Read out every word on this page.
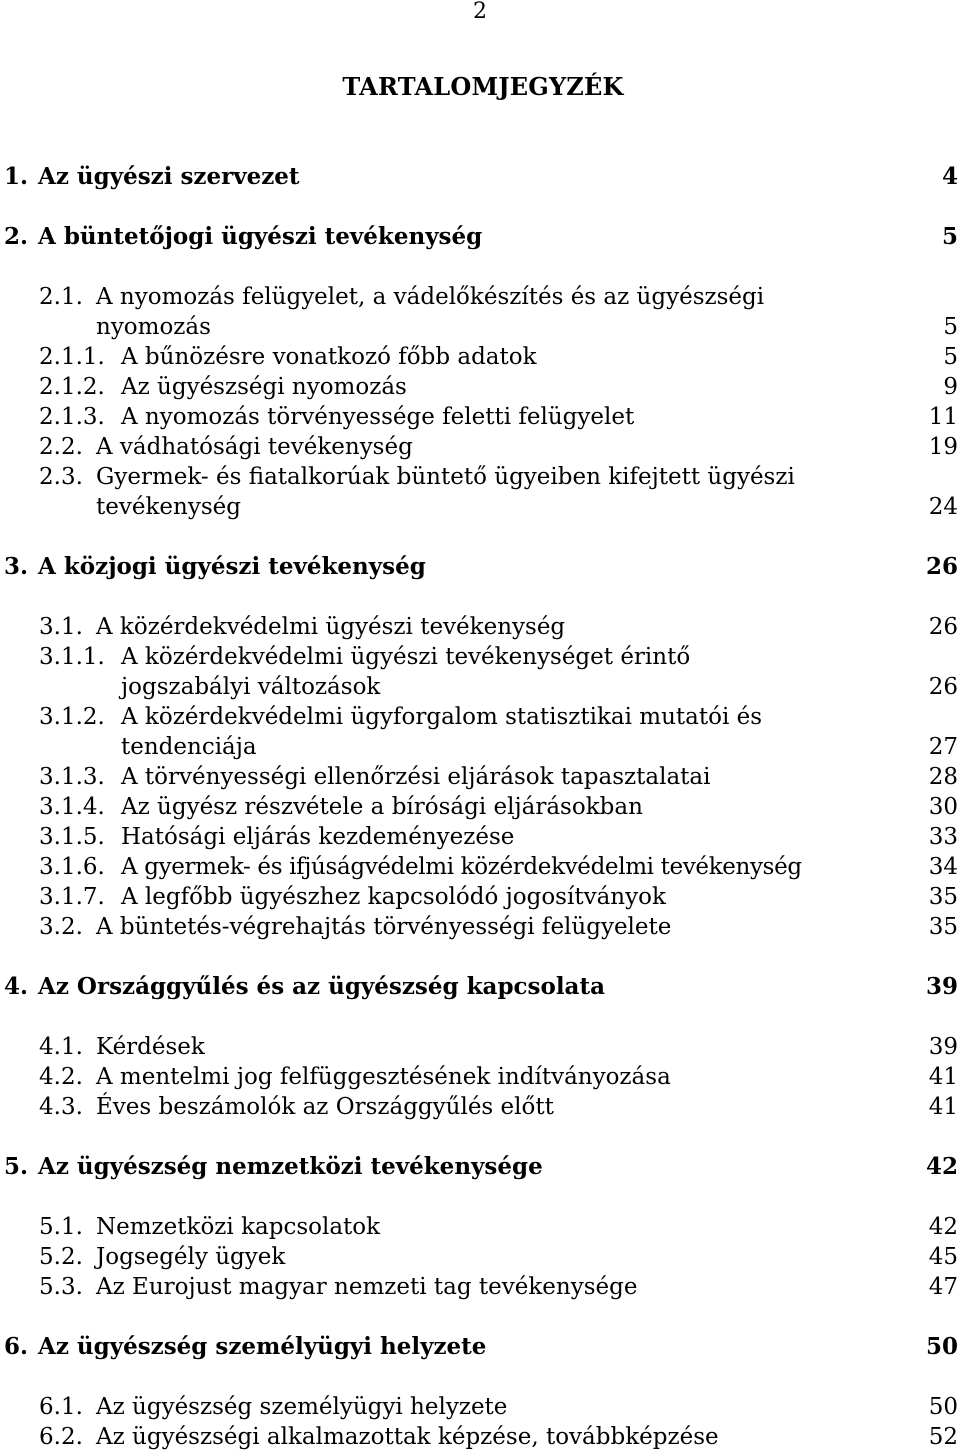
2
TARTALOMJEGYZÉK
1. Az ügyészi szervezet	4
2. A büntetőjogi ügyészi tevékenység	5
2.1. A nyomozás felügyelet, a vádelőkészítés és az ügyészségi
nyomozás	5
2.1.1. A bűnözésre vonatkozó főbb adatok	5
2.1.2. Az ügyészségi nyomozás	9
2.1.3. A nyomozás törvényessége feletti felügyelet	11
2.2. A vádhatósági tevékenység	19
2.3. Gyermek- és fiatalkorúak büntető ügyeiben kifejtett ügyészi
tevékenység	24
3. A közjogi ügyészi tevékenység	26
3.1. A közérdekvédelmi ügyészi tevékenység	26
3.1.1. A közérdekvédelmi ügyészi tevékenységet érintő
jogszabályi változások	26
3.1.2. A közérdekvédelmi ügyforgalom statisztikai mutatói és
tendenciája	27
3.1.3. A törvényességi ellenőrzési eljárások tapasztalatai	28
3.1.4. Az ügyész részvétele a bírósági eljárásokban	30
3.1.5. Hatósági eljárás kezdeményezése	33
3.1.6. A gyermek- és ifjúságvédelmi közérdekvédelmi tevékenység	34
3.1.7. A legfőbb ügyészhez kapcsolódó jogosítványok	35
3.2. A büntetés-végrehajtás törvényességi felügyelete	35
4. Az Országgyűlés és az ügyészség kapcsolata	39
4.1. Kérdések	39
4.2. A mentelmi jog felfüggesztésének indítványozása	41
4.3. Éves beszámolók az Országgyűlés előtt	41
5. Az ügyészség nemzetközi tevékenysége	42
5.1. Nemzetközi kapcsolatok	42
5.2. Jogsegély ügyek	45
5.3. Az Eurojust magyar nemzeti tag tevékenysége	47
6. Az ügyészség személyügyi helyzete	50
6.1. Az ügyészség személyügyi helyzete	50
6.2. Az ügyészségi alkalmazottak képzése, továbbképzése	52
